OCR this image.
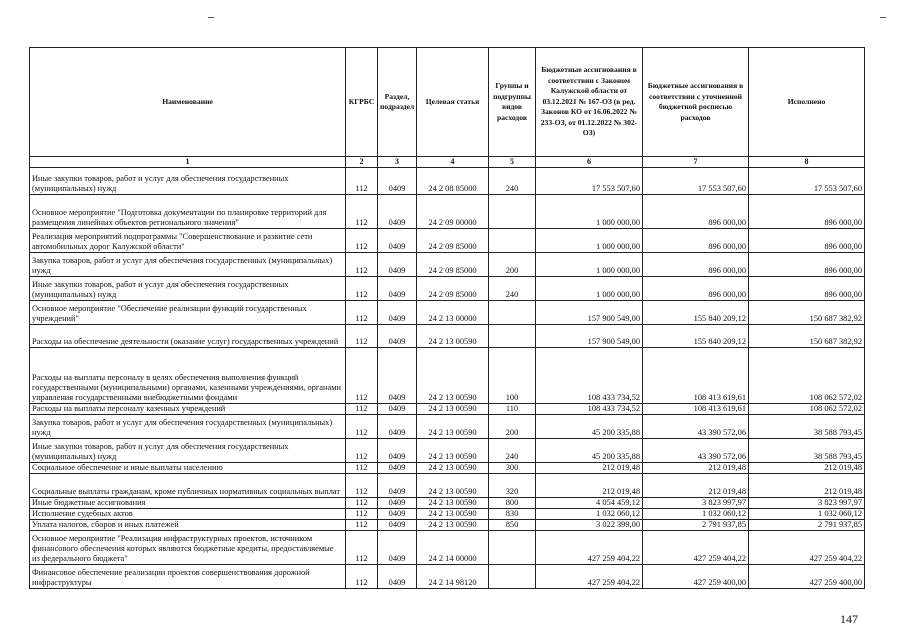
Наименование	КГРБС	Раздел, подраздел	Целевая статья	Группы и подгруппы видов расходов	Бюджетные ассигнования в соответствии с Законом Калужской области от 03.12.2021 № 167-ОЗ (в ред. Законов КО от 16.06.2022 № 233-ОЗ, от 01.12.2022 № 302-ОЗ)	Бюджетные ассигнования в соответствии с уточненной бюджетной росписью расходов	Исполнено
1	2	3	4	5	6	7	8
Иные закупки товаров, работ и услуг для обеспечения государственных (муниципальных) нужд	112	0409	24 2 08 85000	240	17 553 507,60	17 553 507,60	17 553 507,60
Основное мероприятие "Подготовка документации по планировке территорий для размещения линейных объектов регионального значения"	112	0409	24 2 09 00000		1 000 000,00	896 000,00	896 000,00
Реализация мероприятий подпрограммы "Совершенствование и развитие сети автомобильных дорог Калужской области"	112	0409	24 2 09 85000		1 000 000,00	896 000,00	896 000,00
Закупка товаров, работ и услуг для обеспечения государственных (муниципальных) нужд	112	0409	24 2 09 85000	200	1 000 000,00	896 000,00	896 000,00
Иные закупки товаров, работ и услуг для обеспечения государственных (муниципальных) нужд	112	0409	24 2 09 85000	240	1 000 000,00	896 000,00	896 000,00
Основное мероприятие "Обеспечение реализации функций государственных учреждений"	112	0409	24 2 13 00000		157 900 549,00	155 840 209,12	150 687 382,92
Расходы на обеспечение деятельности (оказание услуг) государственных учреждений	112	0409	24 2 13 00590		157 900 549,00	155 840 209,12	150 687 382,92
Расходы на выплаты персоналу в целях обеспечения выполнения функций государственными (муниципальными) органами, казенными учреждениями, органами управления государственными внебюджетными фондами	112	0409	24 2 13 00590	100	108 433 734,52	108 413 619,61	108 062 572,02
Расходы на выплаты персоналу казенных учреждений	112	0409	24 2 13 00590	110	108 433 734,52	108 413 619,61	108 062 572,02
Закупка товаров, работ и услуг для обеспечения государственных (муниципальных) нужд	112	0409	24 2 13 00590	200	45 200 335,88	43 390 572,06	38 588 793,45
Иные закупки товаров, работ и услуг для обеспечения государственных (муниципальных) нужд	112	0409	24 2 13 00590	240	45 200 335,88	43 390 572,06	38 588 793,45
Социальное обеспечение и иные выплаты населению	112	0409	24 2 13 00590	300	212 019,48	212 019,48	212 019,48
Социальные выплаты гражданам, кроме публичных нормативных социальных выплат	112	0409	24 2 13 00590	320	212 019,48	212 019,48	212 019,48
Иные бюджетные ассигнования	112	0409	24 2 13 00590	800	4 054 459,12	3 823 997,97	3 823 997,97
Исполнение судебных актов	112	0409	24 2 13 00590	830	1 032 060,12	1 032 060,12	1 032 060,12
Уплата налогов, сборов и иных платежей	112	0409	24 2 13 00590	850	3 022 399,00	2 791 937,85	2 791 937,85
Основное мероприятие "Реализация инфраструктурных проектов, источником финансового обеспечения которых являются бюджетные кредиты, предоставляемые из федерального бюджета"	112	0409	24 2 14 00000		427 259 404,22	427 259 404,22	427 259 404,22
Финансовое обеспечение реализации проектов совершенствования дорожной инфраструктуры	112	0409	24 2 14 98120		427 259 404,22	427 259 400,00	427 259 400,00
147
